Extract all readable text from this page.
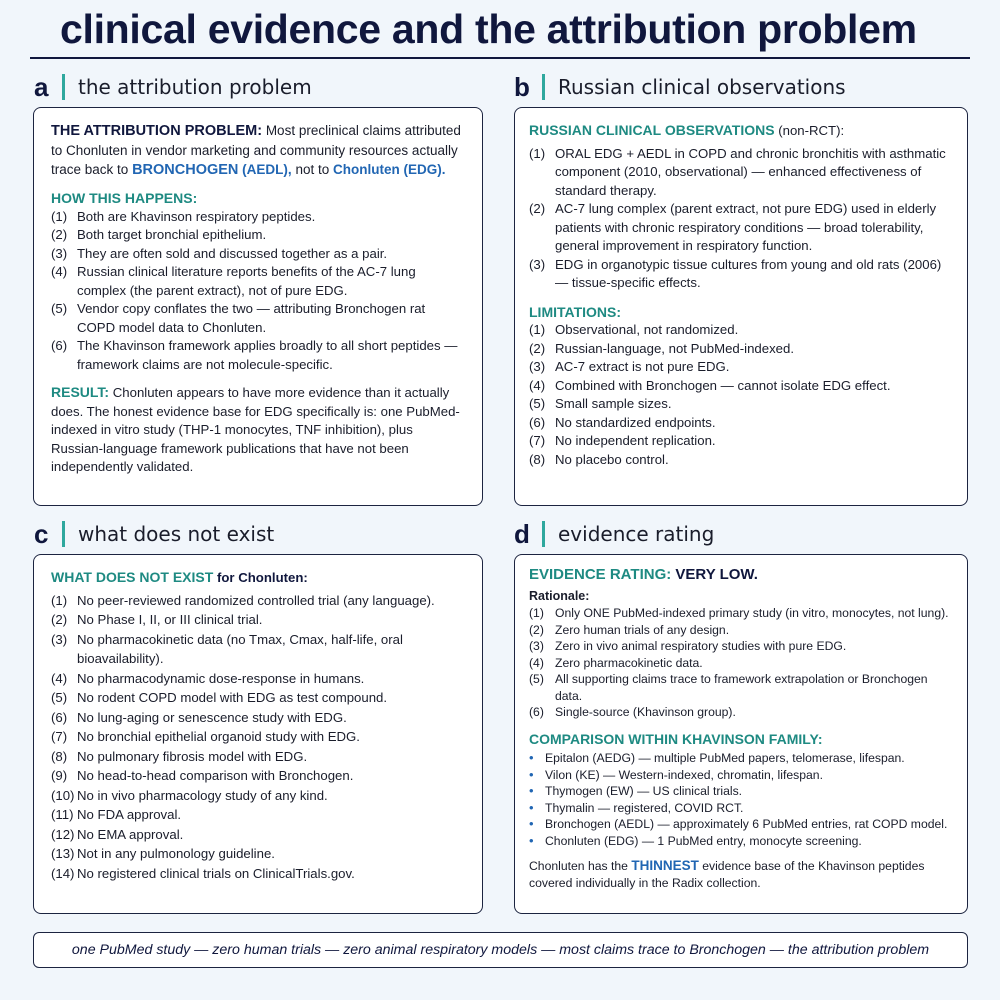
clinical evidence and the attribution problem
a	the attribution problem

THE ATTRIBUTION PROBLEM: Most preclinical claims attributed to Chonluten in vendor marketing and community resources actually trace back to BRONCHOGEN (AEDL), not to Chonluten (EDG).

HOW THIS HAPPENS:
(1) Both are Khavinson respiratory peptides.
(2) Both target bronchial epithelium.
(3) They are often sold and discussed together as a pair.
(4) Russian clinical literature reports benefits of the AC-7 lung complex (the parent extract), not of pure EDG.
(5) Vendor copy conflates the two — attributing Bronchogen rat COPD model data to Chonluten.
(6) The Khavinson framework applies broadly to all short peptides — framework claims are not molecule-specific.

RESULT: Chonluten appears to have more evidence than it actually does. The honest evidence base for EDG specifically is: one PubMed-indexed in vitro study (THP-1 monocytes, TNF inhibition), plus Russian-language framework publications that have not been independently validated.

b	Russian clinical observations
RUSSIAN CLINICAL OBSERVATIONS (non-RCT):
(1) ORAL EDG + AEDL in COPD and chronic bronchitis with asthmatic component (2010, observational) — enhanced effectiveness of standard therapy.
(2) AC-7 lung complex (parent extract, not pure EDG) used in elderly patients with chronic respiratory conditions — broad tolerability, general improvement in respiratory function.
(3) EDG in organotypic tissue cultures from young and old rats (2006) — tissue-specific effects.
LIMITATIONS:
(1) Observational, not randomized.
(2) Russian-language, not PubMed-indexed.
(3) AC-7 extract is not pure EDG.
(4) Combined with Bronchogen — cannot isolate EDG effect.
(5) Small sample sizes.
(6) No standardized endpoints.
(7) No independent replication.
(8) No placebo control.
c	what does not exist
WHAT DOES NOT EXIST for Chonluten:
(1) No peer-reviewed randomized controlled trial (any language).
(2) No Phase I, II, or III clinical trial.
(3) No pharmacokinetic data (no Tmax, Cmax, half-life, oral bioavailability).
(4) No pharmacodynamic dose-response in humans.
(5) No rodent COPD model with EDG as test compound.
(6) No lung-aging or senescence study with EDG.
(7) No bronchial epithelial organoid study with EDG.
(8) No pulmonary fibrosis model with EDG.
(9) No head-to-head comparison with Bronchogen.
(10) No in vivo pharmacology study of any kind.
(11) No FDA approval.
(12) No EMA approval.
(13) Not in any pulmonology guideline.
(14) No registered clinical trials on ClinicalTrials.gov.
d	evidence rating
EVIDENCE RATING: VERY LOW.
Rationale:
(1) Only ONE PubMed-indexed primary study (in vitro, monocytes, not lung).
(2) Zero human trials of any design.
(3) Zero in vivo animal respiratory studies with pure EDG.
(4) Zero pharmacokinetic data.
(5) All supporting claims trace to framework extrapolation or Bronchogen data.
(6) Single-source (Khavinson group).
COMPARISON WITHIN KHAVINSON FAMILY:
• Epitalon (AEDG) — multiple PubMed papers, telomerase, lifespan.
• Vilon (KE) — Western-indexed, chromatin, lifespan.
• Thymogen (EW) — US clinical trials.
• Thymalin — registered, COVID RCT.
• Bronchogen (AEDL) — approximately 6 PubMed entries, rat COPD model.
• Chonluten (EDG) — 1 PubMed entry, monocyte screening.

Chonluten has the THINNEST evidence base of the Khavinson peptides covered individually in the Radix collection.

one PubMed study — zero human trials — zero animal respiratory models — most claims trace to Bronchogen — the attribution problem
